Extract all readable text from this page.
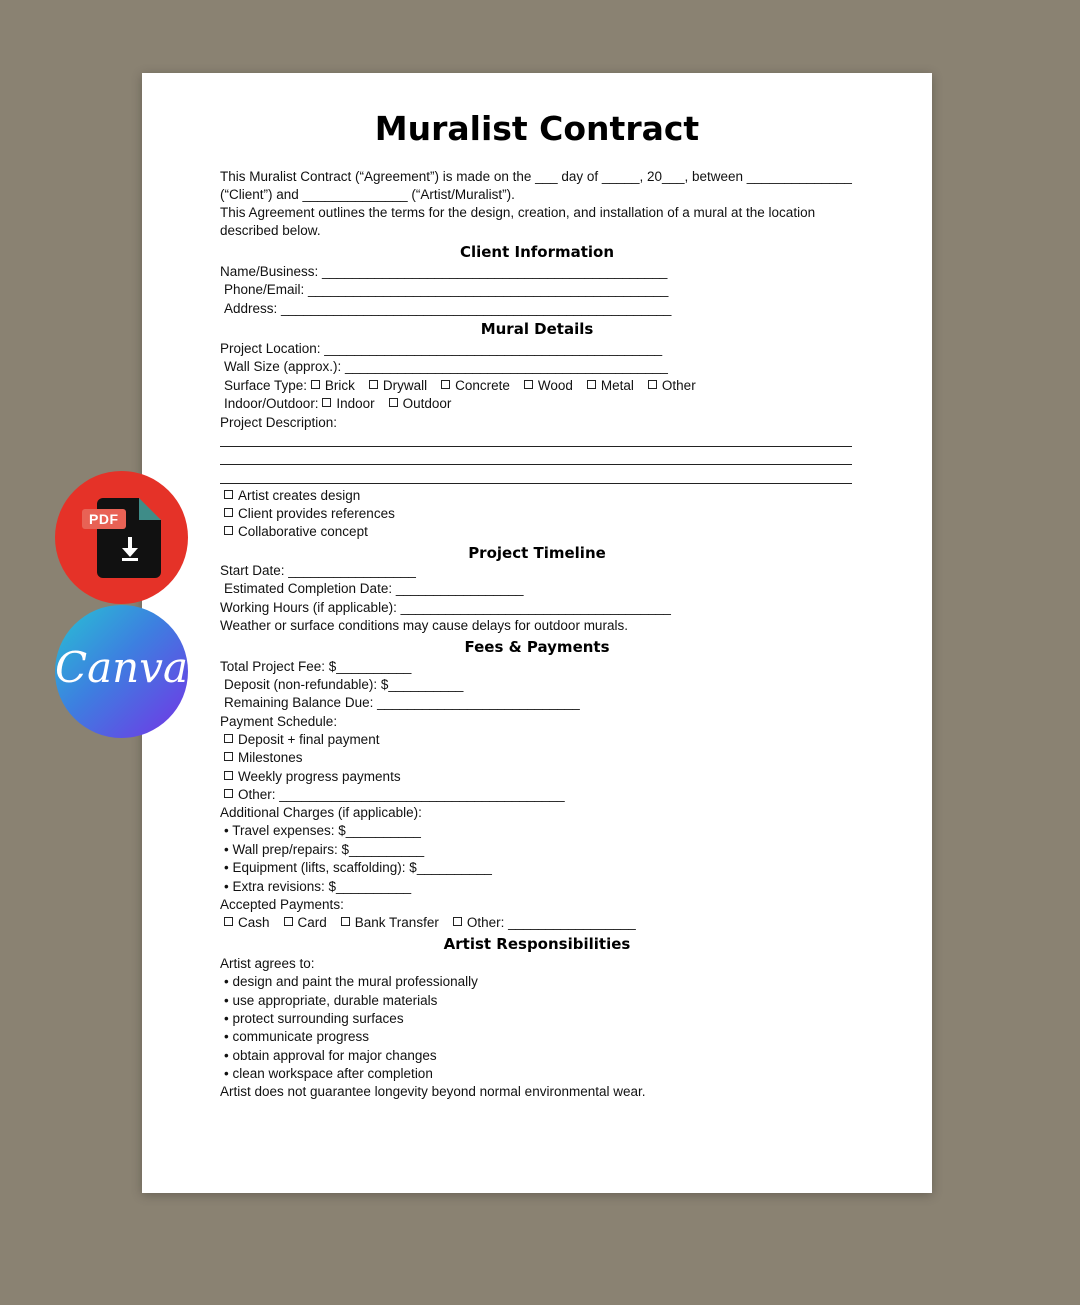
Muralist Contract
This Muralist Contract (“Agreement”) is made on the ___ day of _____, 20___, between ______________
(“Client”) and ______________ (“Artist/Muralist”).
This Agreement outlines the terms for the design, creation, and installation of a mural at the location
described below.
Client Information
Name/Business: ______________________________________________
Phone/Email: ________________________________________________
Address: ____________________________________________________
Mural Details
Project Location: _____________________________________________
Wall Size (approx.): ___________________________________________
Surface Type: Brick Drywall Concrete Wood Metal Other
Indoor/Outdoor: Indoor Outdoor
Project Description:
Artist creates design
Client provides references
Collaborative concept
Project Timeline
Start Date: _________________
Estimated Completion Date: _________________
Working Hours (if applicable): ____________________________________
Weather or surface conditions may cause delays for outdoor murals.
Fees & Payments
Total Project Fee: $__________
Deposit (non-refundable): $__________
Remaining Balance Due: ___________________________
Payment Schedule:
Deposit + final payment
Milestones
Weekly progress payments
Other: ______________________________________
Additional Charges (if applicable):
• Travel expenses: $__________
• Wall prep/repairs: $__________
• Equipment (lifts, scaffolding): $__________
• Extra revisions: $__________
Accepted Payments:
Cash Card Bank Transfer Other: _________________
Artist Responsibilities
Artist agrees to:
• design and paint the mural professionally
• use appropriate, durable materials
• protect surrounding surfaces
• communicate progress
• obtain approval for major changes
• clean workspace after completion
Artist does not guarantee longevity beyond normal environmental wear.
PDF
Canva
